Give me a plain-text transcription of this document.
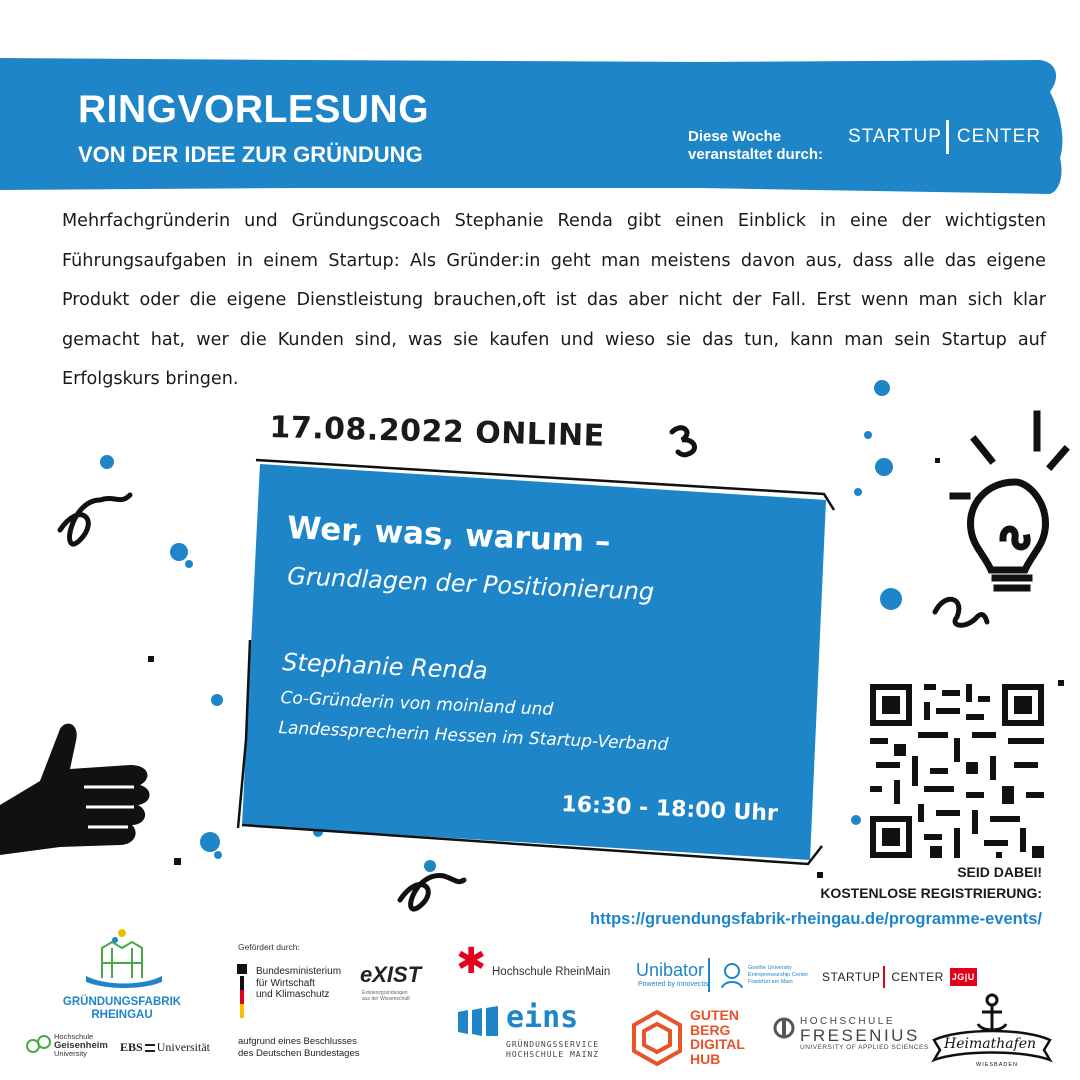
RINGVORLESUNG
VON DER IDEE ZUR GRÜNDUNG
Diese Woche
veranstaltet durch:
STARTUP CENTER
Mehrfachgründerin und Gründungscoach Stephanie Renda gibt einen Einblick in eine der wichtigsten Führungsaufgaben in einem Startup: Als Gründer:in geht man meistens davon aus, dass alle das eigene Produkt oder die eigene Dienstleistung brauchen,oft ist das aber nicht der Fall. Erst wenn man sich klar gemacht hat, wer die Kunden sind, was sie kaufen und wieso sie das tun, kann man sein Startup auf Erfolgskurs bringen.
17.08.2022 ONLINE
Wer, was, warum –
Grundlagen der Positionierung
Stephanie Renda
Co-Gründerin von moinland und
Landessprecherin Hessen im Startup-Verband
16:30 - 18:00 Uhr
SEID DABEI!
KOSTENLOSE REGISTRIERUNG:
https://gruendungsfabrik-rheingau.de/programme-events/
GRÜNDUNGSFABRIK
RHEINGAU
Hochschule
Geisenheim
University	EBS Universität
Gefördert durch:
Bundesministerium
für Wirtschaft
und Klimaschutz
eXIST
Existenzgründungen
aus der Wissenschaft
aufgrund eines Beschlusses
des Deutschen Bundestages
✱ Hochschule RheinMain
eins
GRÜNDUNGSSERVICE
HOCHSCHULE MAINZ
Unibator
Powered by Innovectis
Goethe University
Entrepreneurship Center
Frankfurt am Main	STARTUP CENTER JG|U
GUTEN
BERG
DIGITAL
HUB
HOCHSCHULE
FRESENIUS
UNIVERSITY OF APPLIED SCIENCES Heimathafen
WIESBADEN
